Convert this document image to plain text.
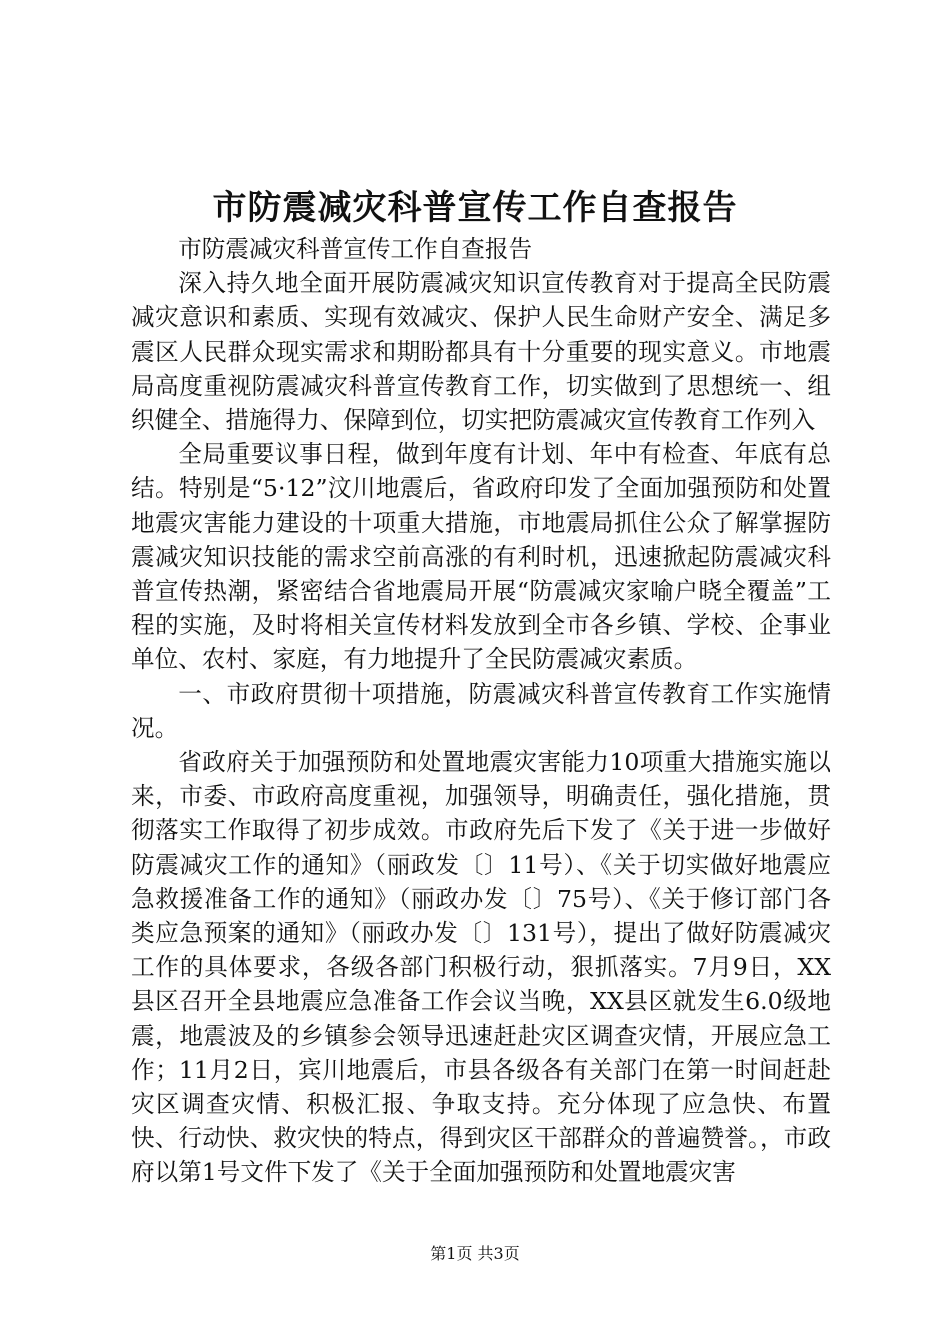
市防震减灾科普宣传工作自查报告

市防震减灾科普宣传工作自查报告

深入持久地全面开展防震减灾知识宣传教育对于提高全民防震减灾意识和素质、实现有效减灾、保护人民生命财产安全、满足多震区人民群众现实需求和期盼都具有十分重要的现实意义。市地震局高度重视防震减灾科普宣传教育工作，切实做到了思想统一、组织健全、措施得力、保障到位，切实把防震减灾宣传教育工作列入

全局重要议事日程，做到年度有计划、年中有检查、年底有总结。特别是“5·12”汶川地震后，省政府印发了全面加强预防和处置地震灾害能力建设的十项重大措施，市地震局抓住公众了解掌握防震减灾知识技能的需求空前高涨的有利时机，迅速掀起防震减灾科普宣传热潮，紧密结合省地震局开展“防震减灾家喻户晓全覆盖”工程的实施，及时将相关宣传材料发放到全市各乡镇、学校、企事业单位、农村、家庭，有力地提升了全民防震减灾素质。

一、市政府贯彻十项措施，防震减灾科普宣传教育工作实施情况。

省政府关于加强预防和处置地震灾害能力10项重大措施实施以来，市委、市政府高度重视，加强领导，明确责任，强化措施，贯彻落实工作取得了初步成效。市政府先后下发了《关于进一步做好防震减灾工作的通知》（丽政发〔〕11号）、《关于切实做好地震应急救援准备工作的通知》（丽政办发〔〕75号）、《关于修订部门各类应急预案的通知》（丽政办发〔〕131号），提出了做好防震减灾工作的具体要求，各级各部门积极行动，狠抓落实。7月9日，XX县区召开全县地震应急准备工作会议当晚，XX县区就发生6.0级地震，地震波及的乡镇参会领导迅速赶赴灾区调查灾情，开展应急工作；11月2日，宾川地震后，市县各级各有关部门在第一时间赶赴灾区调查灾情、积极汇报、争取支持。充分体现了应急快、布置快、行动快、救灾快的特点，得到灾区干部群众的普遍赞誉。，市政府以第1号文件下发了《关于全面加强预防和处置地震灾害

第1页 共3页
